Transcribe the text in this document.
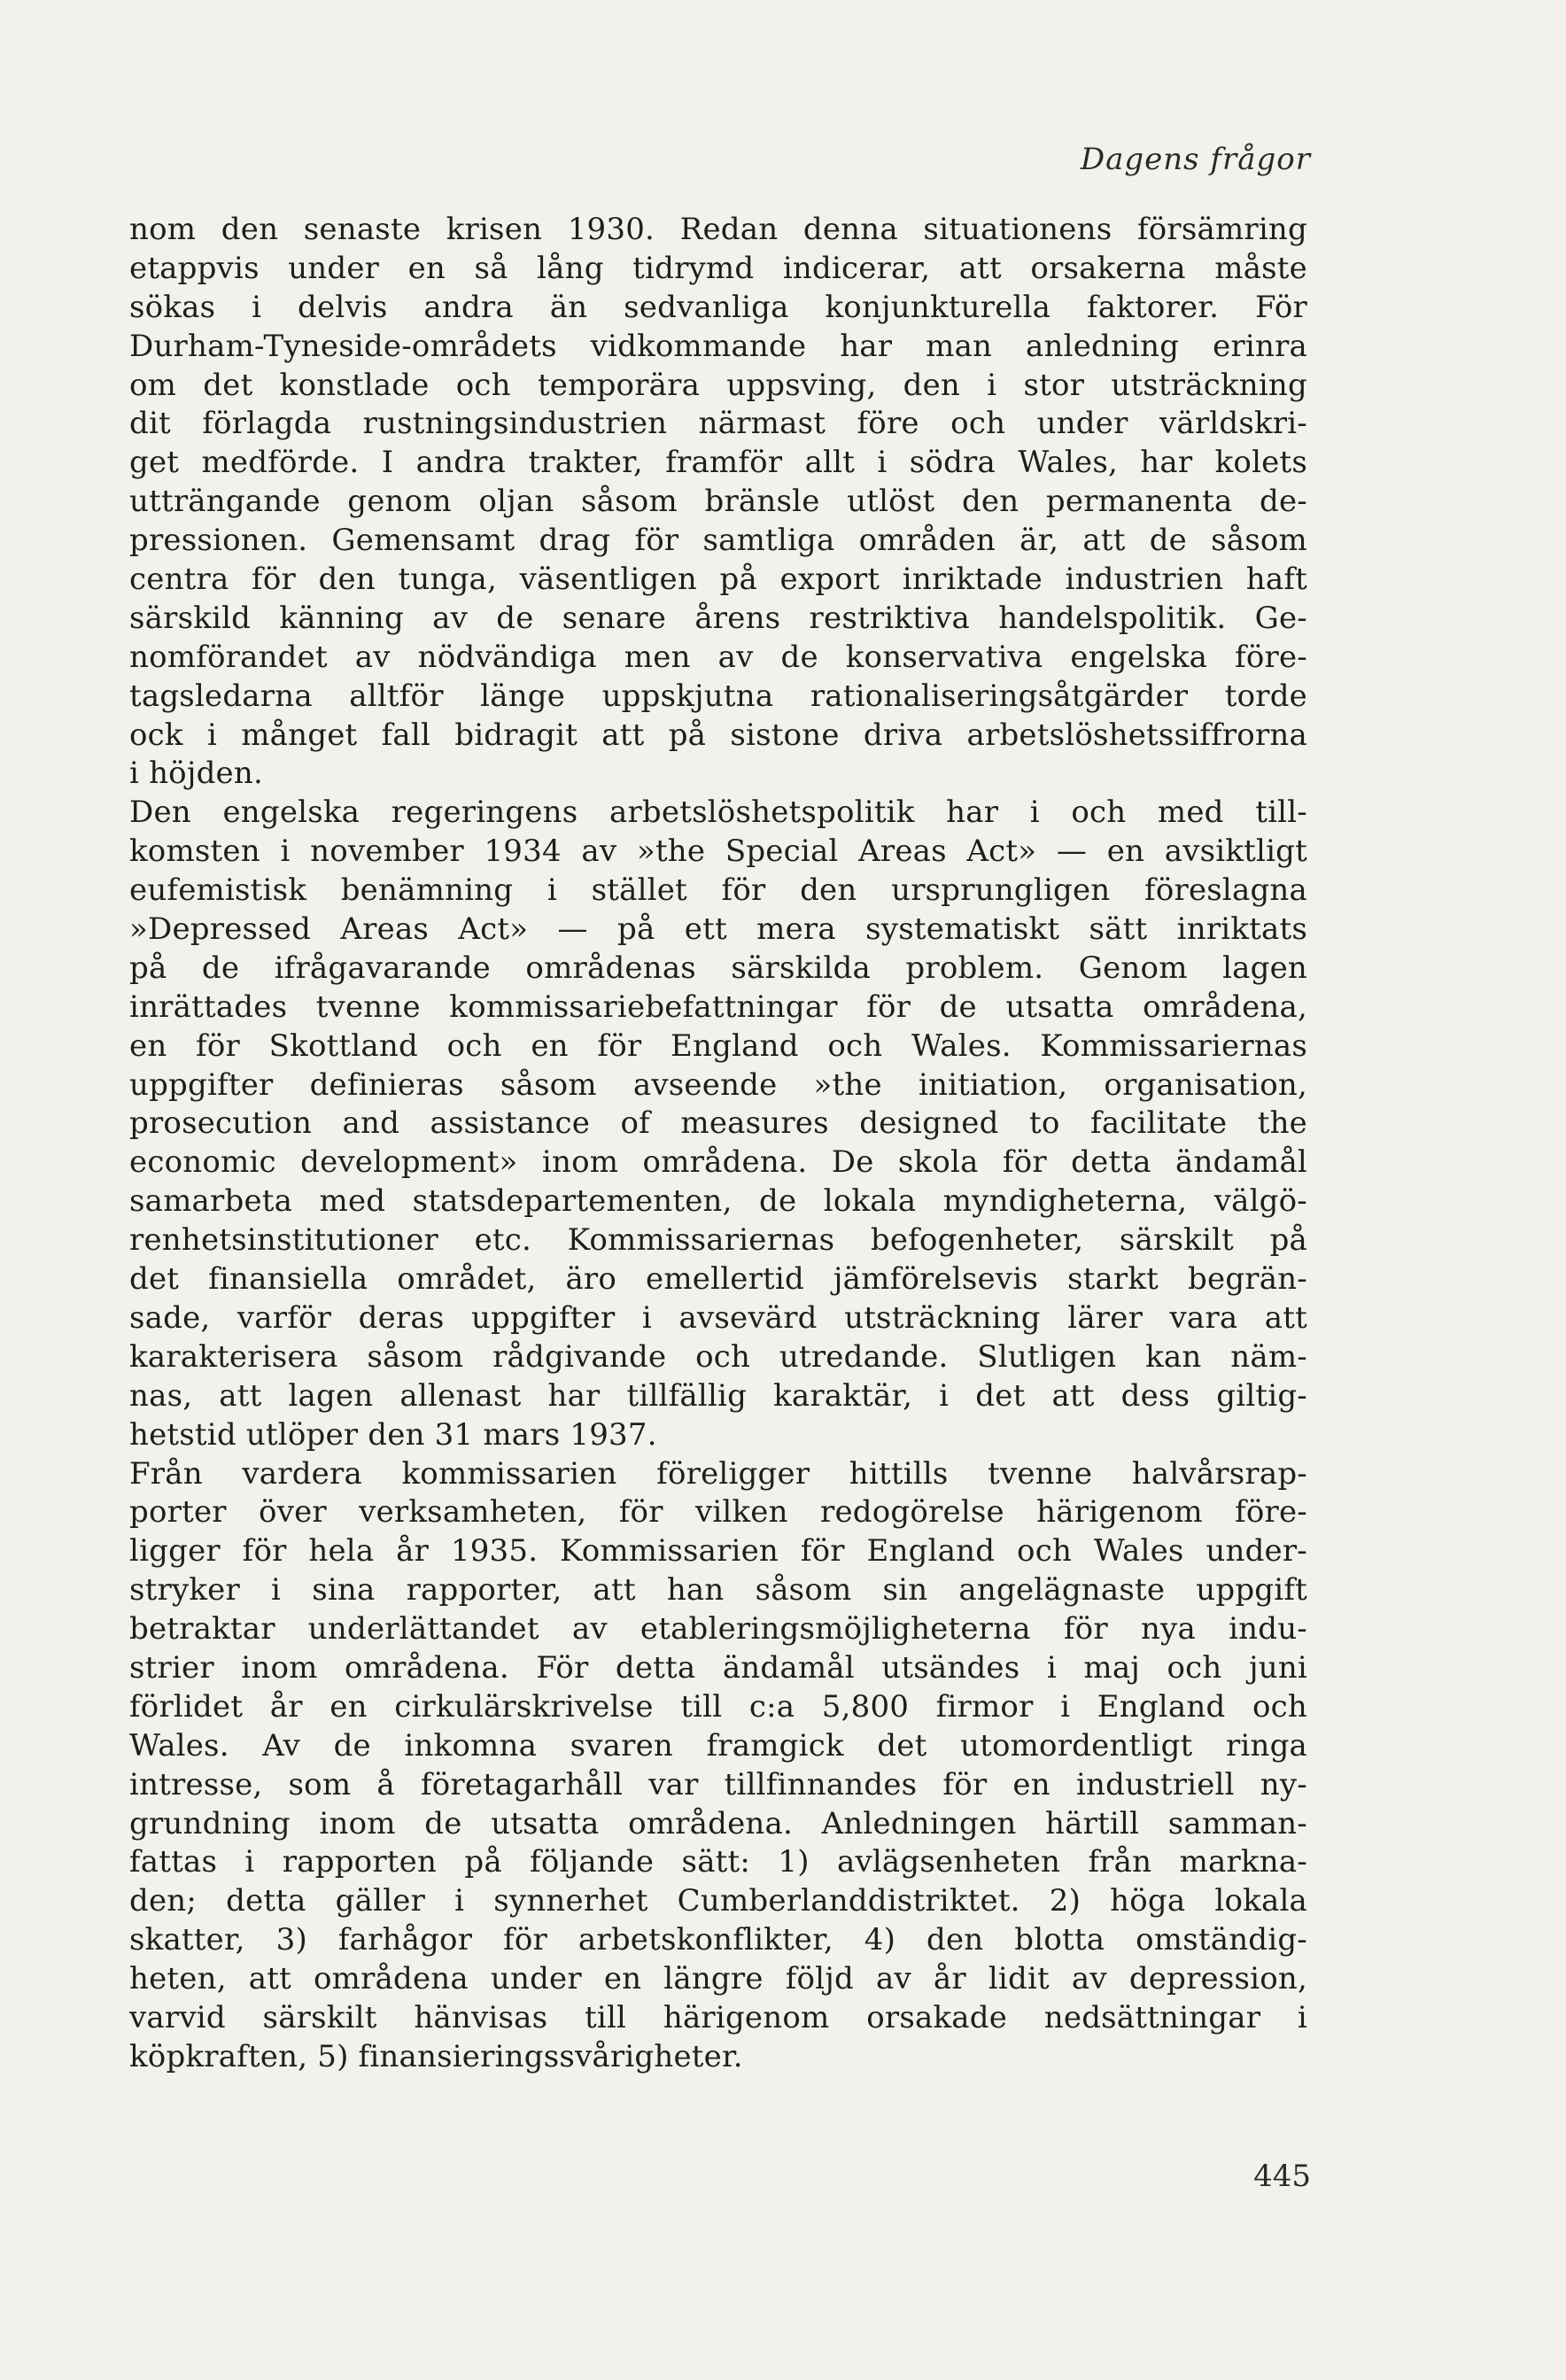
Dagens frågor
nom den senaste krisen 1930. Redan denna situationens försämring
etappvis under en så lång tidrymd indicerar, att orsakerna måste
sökas i delvis andra än sedvanliga konjunkturella faktorer. För
Durham-Tyneside-områdets vidkommande har man anledning erinra
om det konstlade och temporära uppsving, den i stor utsträckning
dit förlagda rustningsindustrien närmast före och under världskri-
get medförde. I andra trakter, framför allt i södra Wales, har kolets
utträngande genom oljan såsom bränsle utlöst den permanenta de-
pressionen. Gemensamt drag för samtliga områden är, att de såsom
centra för den tunga, väsentligen på export inriktade industrien haft
särskild känning av de senare årens restriktiva handelspolitik. Ge-
nomförandet av nödvändiga men av de konservativa engelska före-
tagsledarna alltför länge uppskjutna rationaliseringsåtgärder torde
ock i månget fall bidragit att på sistone driva arbetslöshetssiffrorna
i höjden.
Den engelska regeringens arbetslöshetspolitik har i och med till-
komsten i november 1934 av »the Special Areas Act» — en avsiktligt
eufemistisk benämning i stället för den ursprungligen föreslagna
»Depressed Areas Act» — på ett mera systematiskt sätt inriktats
på de ifrågavarande områdenas särskilda problem. Genom lagen
inrättades tvenne kommissariebefattningar för de utsatta områdena,
en för Skottland och en för England och Wales. Kommissariernas
uppgifter definieras såsom avseende »the initiation, organisation,
prosecution and assistance of measures designed to facilitate the
economic development» inom områdena. De skola för detta ändamål
samarbeta med statsdepartementen, de lokala myndigheterna, välgö-
renhetsinstitutioner etc. Kommissariernas befogenheter, särskilt på
det finansiella området, äro emellertid jämförelsevis starkt begrän-
sade, varför deras uppgifter i avsevärd utsträckning lärer vara att
karakterisera såsom rådgivande och utredande. Slutligen kan näm-
nas, att lagen allenast har tillfällig karaktär, i det att dess giltig-
hetstid utlöper den 31 mars 1937.
Från vardera kommissarien föreligger hittills tvenne halvårsrap-
porter över verksamheten, för vilken redogörelse härigenom före-
ligger för hela år 1935. Kommissarien för England och Wales under-
stryker i sina rapporter, att han såsom sin angelägnaste uppgift
betraktar underlättandet av etableringsmöjligheterna för nya indu-
strier inom områdena. För detta ändamål utsändes i maj och juni
förlidet år en cirkulärskrivelse till c:a 5,800 firmor i England och
Wales. Av de inkomna svaren framgick det utomordentligt ringa
intresse, som å företagarhåll var tillfinnandes för en industriell ny-
grundning inom de utsatta områdena. Anledningen härtill samman-
fattas i rapporten på följande sätt: 1) avlägsenheten från markna-
den; detta gäller i synnerhet Cumberlanddistriktet. 2) höga lokala
skatter, 3) farhågor för arbetskonflikter, 4) den blotta omständig-
heten, att områdena under en längre följd av år lidit av depression,
varvid särskilt hänvisas till härigenom orsakade nedsättningar i
köpkraften, 5) finansieringssvårigheter.
445
